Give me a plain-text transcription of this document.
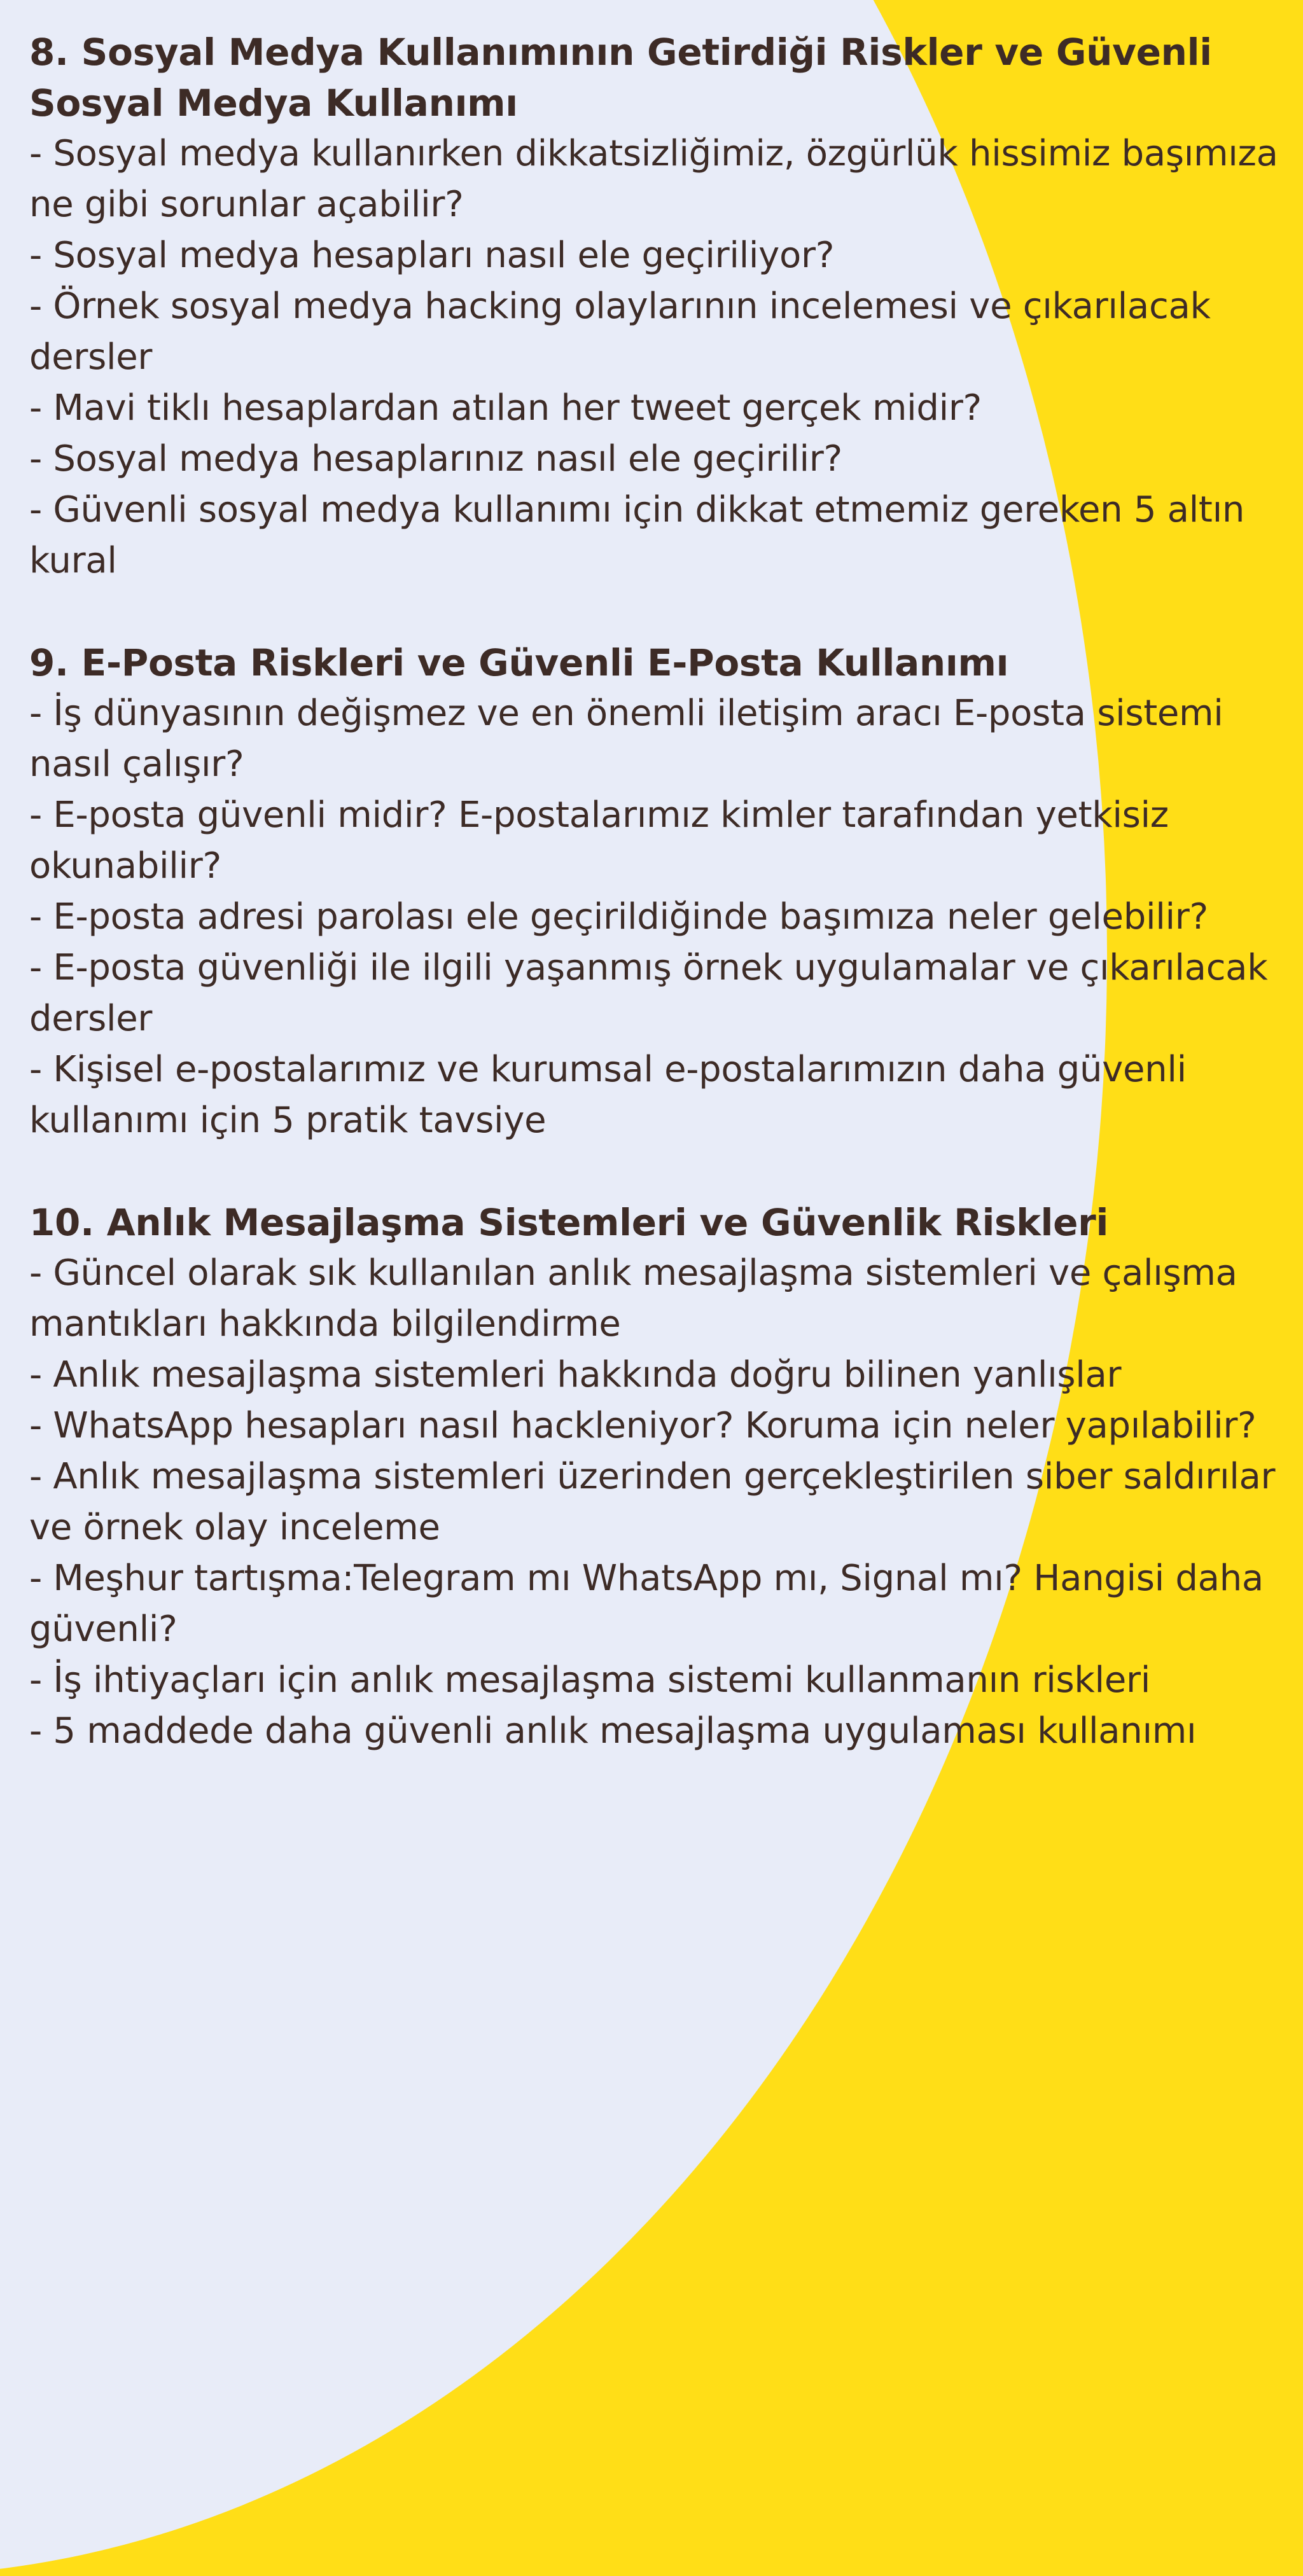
8. Sosyal Medya Kullanımının Getirdiği Riskler ve Güvenli Sosyal Medya Kullanımı

- Sosyal medya kullanırken dikkatsizliğimiz, özgürlük hissimiz başımıza ne gibi sorunlar açabilir?

- Sosyal medya hesapları nasıl ele geçiriliyor?

- Örnek sosyal medya hacking olaylarının incelemesi ve çıkarılacak dersler

- Mavi tiklı hesaplardan atılan her tweet gerçek midir?

- Sosyal medya hesaplarınız nasıl ele geçirilir?

- Güvenli sosyal medya kullanımı için dikkat etmemiz gereken 5 altın kural

9. E-Posta Riskleri ve Güvenli E-Posta Kullanımı

- İş dünyasının değişmez ve en önemli iletişim aracı E-posta sistemi nasıl çalışır?

- E-posta güvenli midir? E-postalarımız kimler tarafından yetkisiz okunabilir?

- E-posta adresi parolası ele geçirildiğinde başımıza neler gelebilir?

- E-posta güvenliği ile ilgili yaşanmış örnek uygulamalar ve çıkarılacak dersler

- Kişisel e-postalarımız ve kurumsal e-postalarımızın daha güvenli kullanımı için 5 pratik tavsiye

10. Anlık Mesajlaşma Sistemleri ve Güvenlik Riskleri

- Güncel olarak sık kullanılan anlık mesajlaşma sistemleri ve çalışma mantıkları hakkında bilgilendirme

- Anlık mesajlaşma sistemleri hakkında doğru bilinen yanlışlar

- WhatsApp hesapları nasıl hackleniyor? Koruma için neler yapılabilir?

- Anlık mesajlaşma sistemleri üzerinden gerçekleştirilen siber saldırılar ve örnek olay inceleme

- Meşhur tartışma:Telegram mı WhatsApp mı, Signal mı? Hangisi daha güvenli?

- İş ihtiyaçları için anlık mesajlaşma sistemi kullanmanın riskleri

- 5 maddede daha güvenli anlık mesajlaşma uygulaması kullanımı
